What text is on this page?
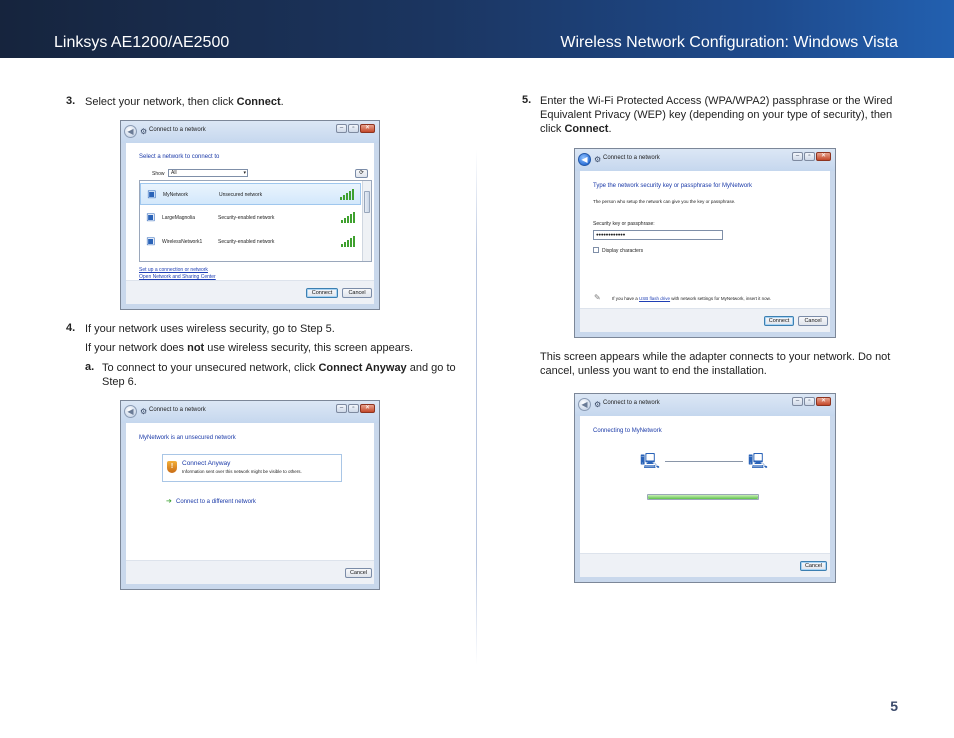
Linksys AE1200/AE2500	Wireless Network Configuration: Windows Vista
3. Select your network, then click Connect.
◀ ⚙ Connect to a network	–	▫	✕
Select a network to connect to
Show	All	▾	⟳
▣ MyNetwork	Unsecured network
▣ LargeMagnolia	Security-enabled network
▣ WirelessNetwork1	Security-enabled network
Set up a connection or network
Open Network and Sharing Center
Connect	Cancel
4. If your network uses wireless security, go to Step 5.
If your network does not use wireless security, this screen appears.
a. To connect to your unsecured network, click Connect Anyway and go to Step 6.
◀ ⚙ Connect to a network	–	▫	✕
MyNetwork is an unsecured network
!	Connect Anyway
Information sent over this network might be visible to others.
➔ Connect to a different network
Cancel
5. Enter the Wi-Fi Protected Access (WPA/WPA2) passphrase or the Wired Equivalent Privacy (WEP) key (depending on your type of security), then click Connect.
◀ ⚙ Connect to a network	–	▫	✕
Type the network security key or passphrase for MyNetwork
The person who setup the network can give you the key or passphrase.
Security key or passphrase:
●●●●●●●●●●●●
Display characters
✎	If you have a USB flash drive with network settings for MyNetwork, insert it now.
Connect	Cancel
This screen appears while the adapter connects to your network. Do not cancel, unless you want to end the installation.
◀ ⚙ Connect to a network	–	▫	✕
Connecting to MyNetwork
🖳	🖳
Cancel
5
